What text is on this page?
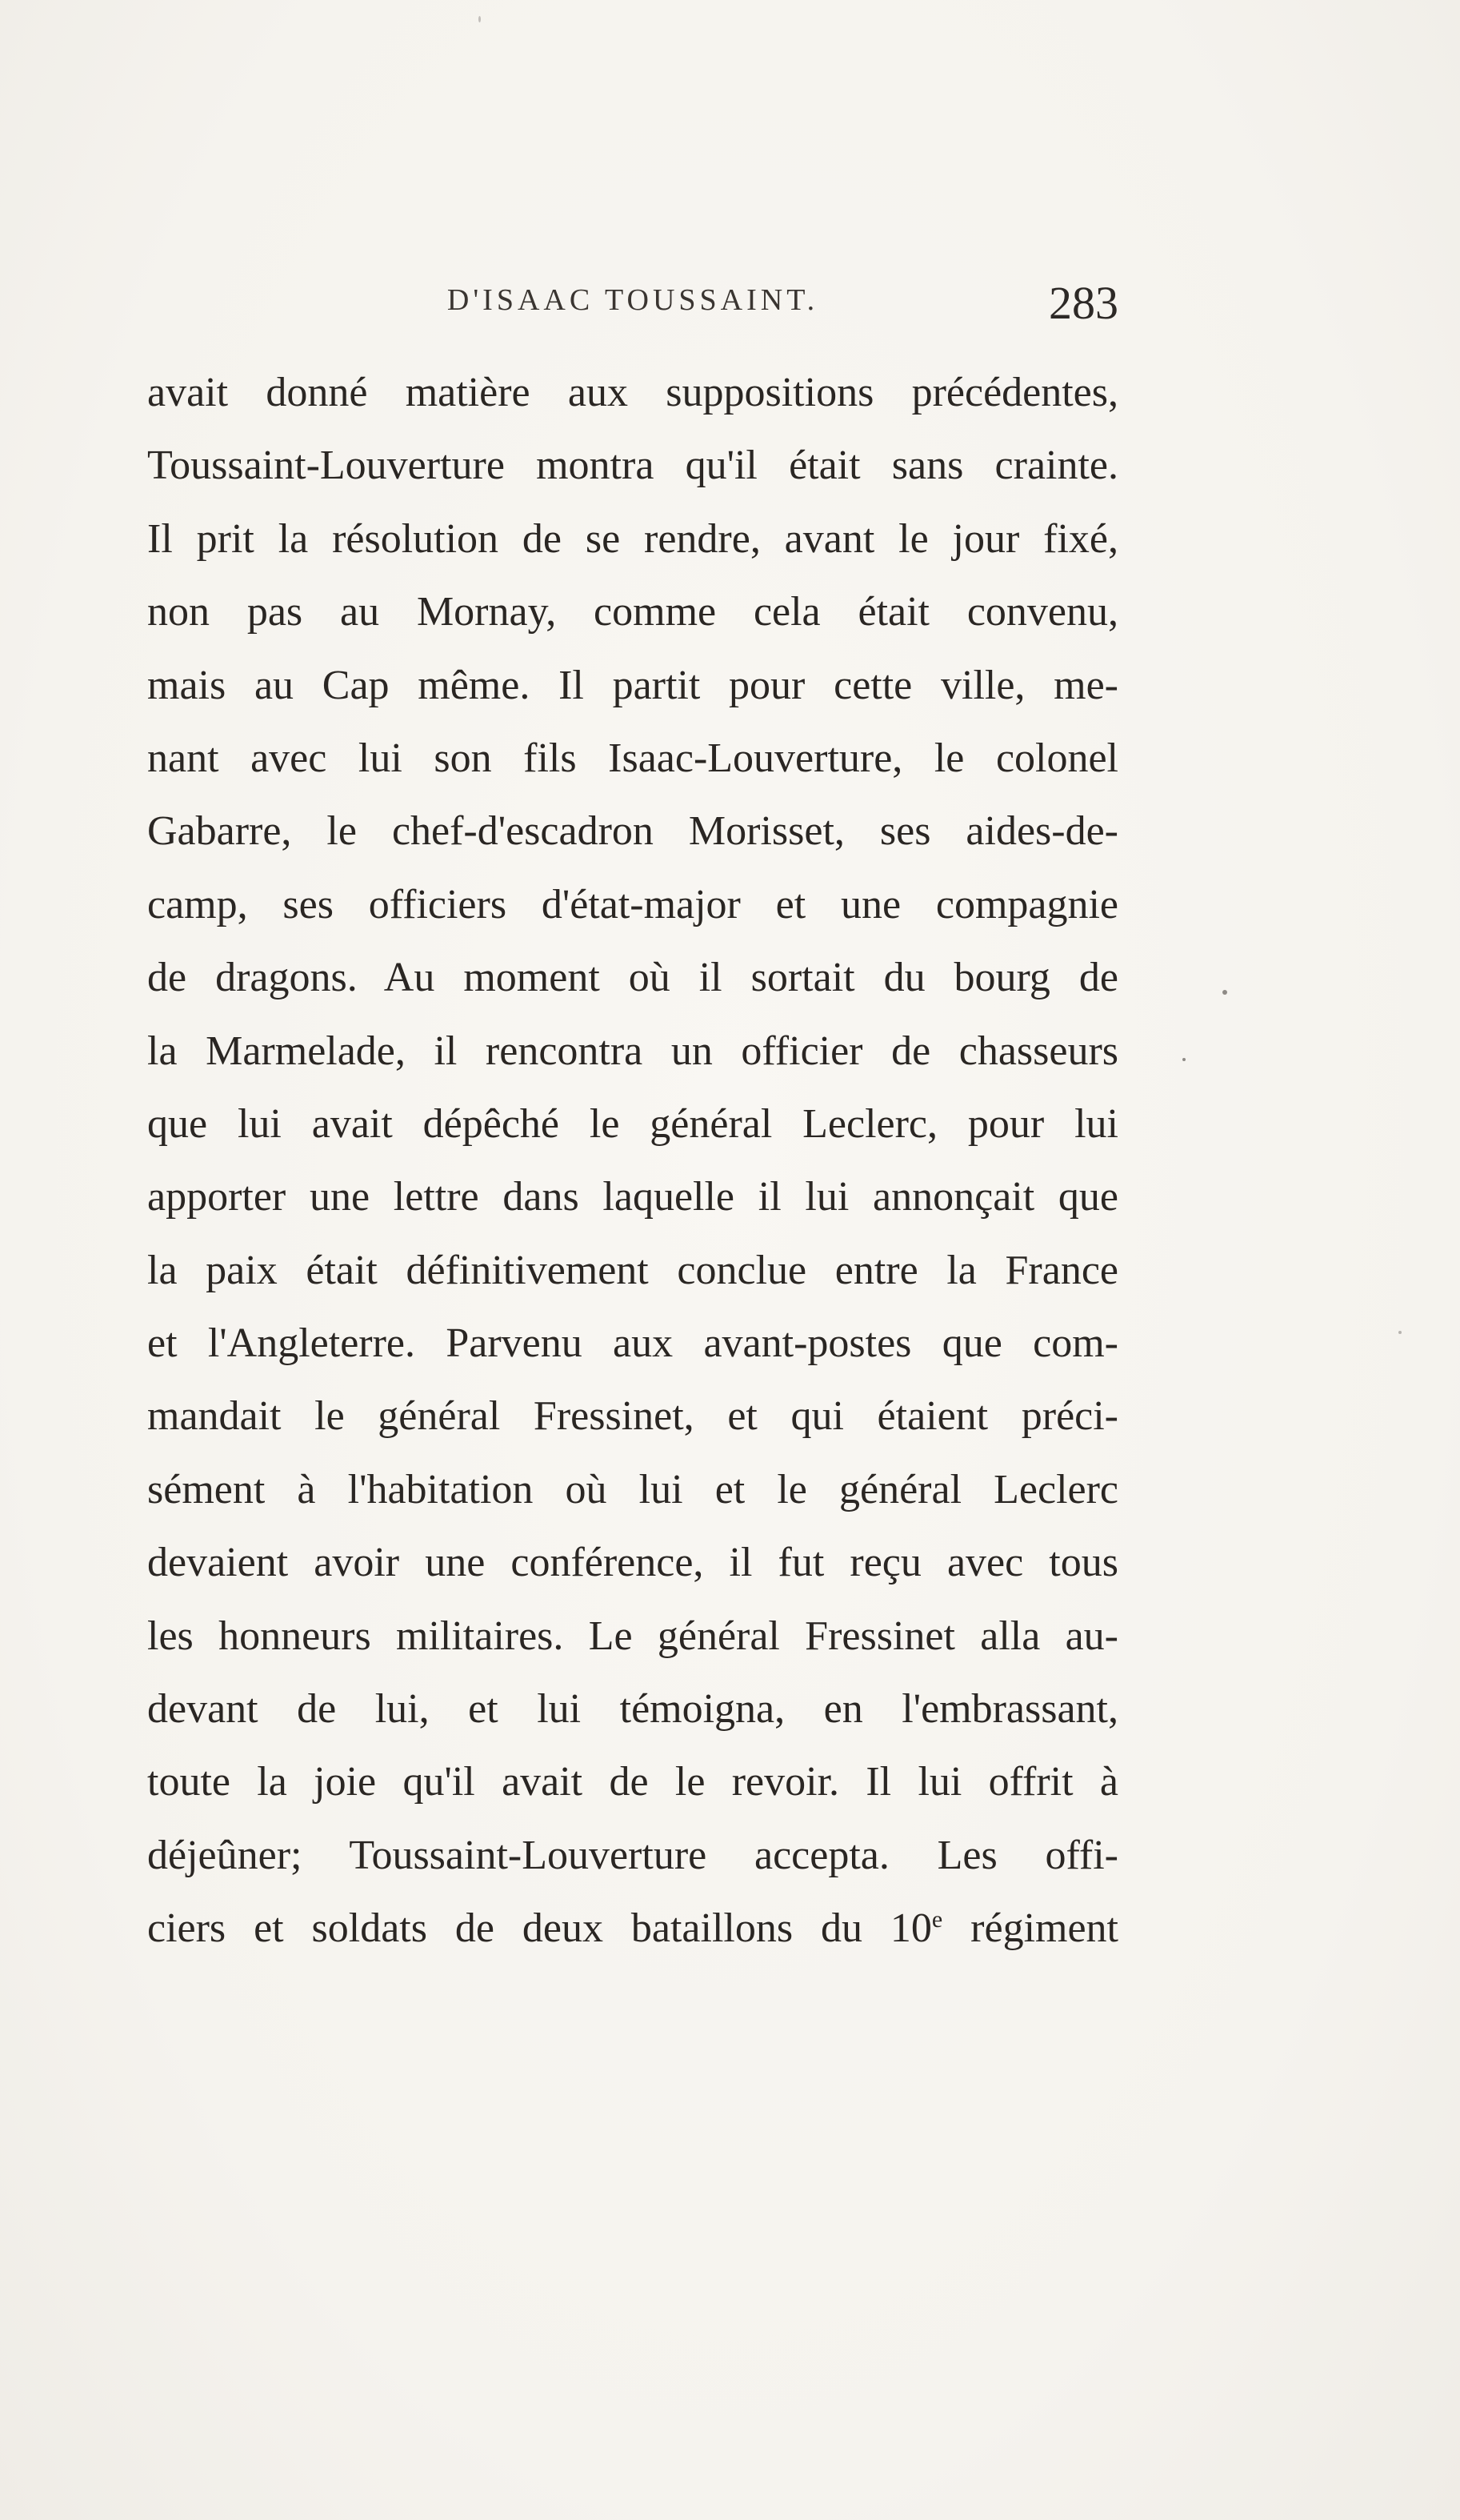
D'ISAAC TOUSSAINT.	283
avait donné matière aux suppositions précédentes,
Toussaint-Louverture montra qu'il était sans crainte.
Il prit la résolution de se rendre, avant le jour fixé,
non pas au Mornay, comme cela était convenu,
mais au Cap même. Il partit pour cette ville, me-
nant avec lui son fils Isaac-Louverture, le colonel
Gabarre, le chef-d'escadron Morisset, ses aides-de-
camp, ses officiers d'état-major et une compagnie
de dragons. Au moment où il sortait du bourg de
la Marmelade, il rencontra un officier de chasseurs
que lui avait dépêché le général Leclerc, pour lui
apporter une lettre dans laquelle il lui annonçait que
la paix était définitivement conclue entre la France
et l'Angleterre. Parvenu aux avant-postes que com-
mandait le général Fressinet, et qui étaient préci-
sément à l'habitation où lui et le général Leclerc
devaient avoir une conférence, il fut reçu avec tous
les honneurs militaires. Le général Fressinet alla au-
devant de lui, et lui témoigna, en l'embrassant,
toute la joie qu'il avait de le revoir. Il lui offrit à
déjeûner; Toussaint-Louverture accepta. Les offi-
ciers et soldats de deux bataillons du 10e régiment
